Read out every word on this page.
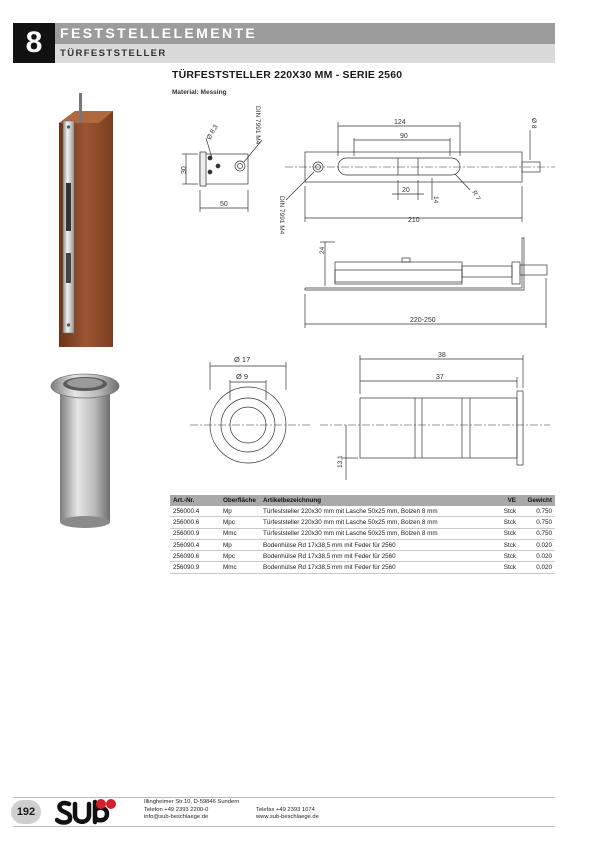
8	FESTSTELLELEMENTE
TÜRFESTSTELLER
TÜRFESTSTELLER 220X30 MM - SERIE 2560
Material: Messing
30
50
Ø 8,3	DIN 7991 M4	124
90
20
14	R 7
Ø 8
210
DIN 7991 M4
24
220-250
Ø 17
Ø 9
38
37
13,1
Art.-Nr.	Oberfläche	Artikelbezeichnung	VE	Gewicht
256000.4	Mp	Türfeststeller 220x30 mm mit Lasche 50x25 mm, Bolzen 8 mm	Stck	0.750
256000.6	Mpc	Türfeststeller 220x30 mm mit Lasche 50x25 mm, Bolzen 8 mm	Stck	0.750
256000.9	Mmc	Türfeststeller 220x30 mm mit Lasche 50x25 mm, Bolzen 8 mm	Stck	0.750
256090.4	Mp	Bodenhülse Rd 17x38,5 mm mit Feder für 2560	Stck	0.020
256090.6	Mpc	Bodenhülse Rd 17x38,5 mm mit Feder für 2560	Stck	0.020
256090.9	Mmc	Bodenhülse Rd 17x38,5 mm mit Feder für 2560	Stck	0.020
192
Illingheimer Str.10, D-59846 Sundern
Telefon +49 2393 2200-0
info@sub-beschlaege.de
Telefax +49 2393 1074
www.sub-beschlaege.de
